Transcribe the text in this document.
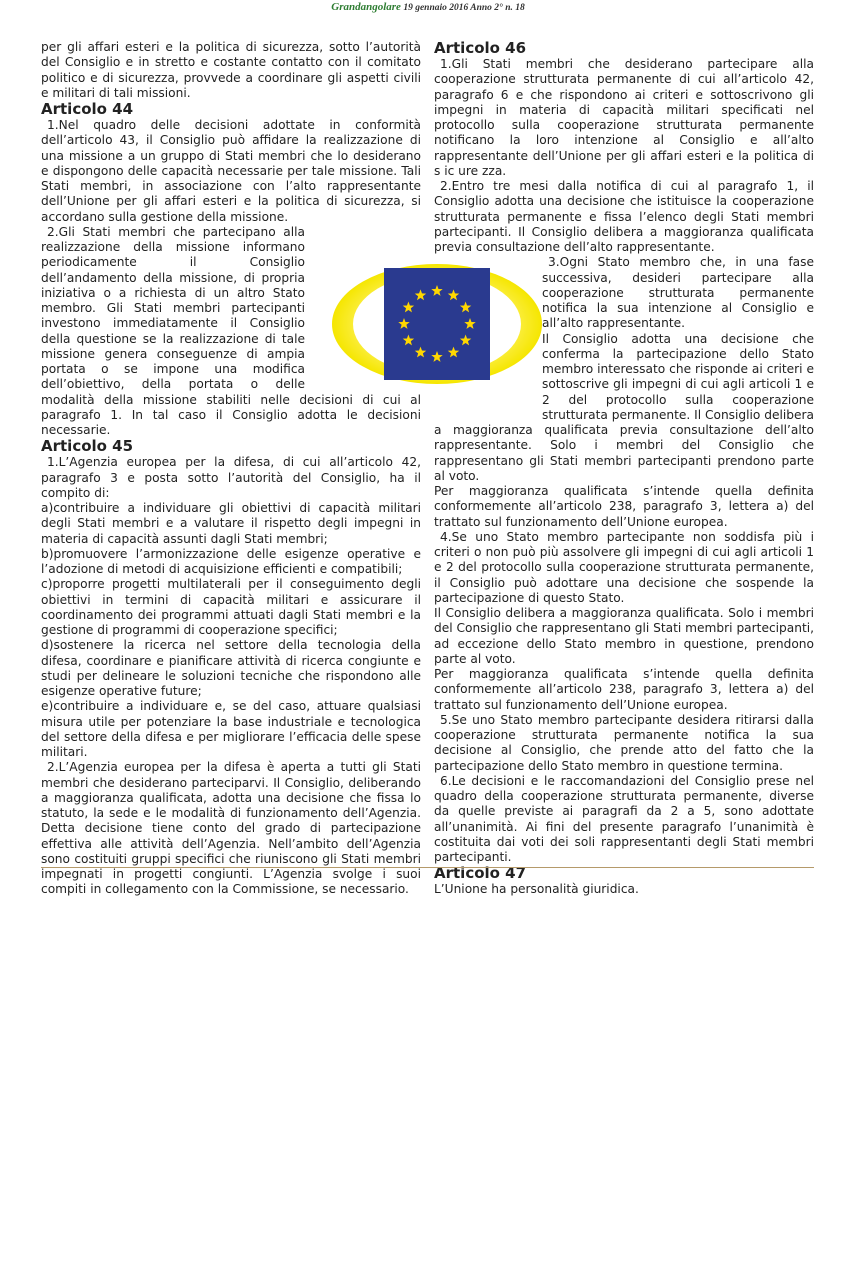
Grandangolare 19 gennaio 2016 Anno 2° n. 18

per gli affari esteri e la politica di sicurezza, sotto l’autorità del Consiglio e in stretto e costante contatto con il comitato politico e di sicurezza, provvede a coordinare gli aspetti civili e militari di tali missioni.

Articolo 44

1.Nel quadro delle decisioni adottate in conformità dell’articolo 43, il Consiglio può affidare la realizzazione di una missione a un gruppo di Stati membri che lo desiderano e dispongono delle capacità necessarie per tale missione. Tali Stati membri, in associazione con l’alto rappresentante dell’Unione per gli affari esteri e la politica di sicurezza, si accordano sulla gestione della missione.

2.Gli Stati membri che partecipano alla realizzazione della missione informano periodicamente il Consiglio dell’andamento della missione, di propria iniziativa o a richiesta di un altro Stato membro. Gli Stati membri partecipanti investono immediatamente il Consiglio della questione se la realizzazione di tale missione genera conseguenze di ampia portata o se impone una modifica dell’obiettivo, della portata o delle modalità della missione stabiliti nelle decisioni di cui al paragrafo 1. In tal caso il Consiglio adotta le decisioni necessarie.

Articolo 45

1.L’Agenzia europea per la difesa, di cui all’articolo 42, paragrafo 3 e posta sotto l’autorità del Consiglio, ha il compito di:

a)contribuire a individuare gli obiettivi di capacità militari degli Stati membri e a valutare il rispetto degli impegni in materia di capacità assunti dagli Stati membri;

b)promuovere l’armonizzazione delle esigenze operative e l’adozione di metodi di acquisizione efficienti e compatibili;

c)proporre progetti multilaterali per il conseguimento degli obiettivi in termini di capacità militari e assicurare il coordinamento dei programmi attuati dagli Stati membri e la gestione di programmi di cooperazione specifici;

d)sostenere la ricerca nel settore della tecnologia della difesa, coordinare e pianificare attività di ricerca congiunte e studi per delineare le soluzioni tecniche che rispondono alle esigenze operative future;

e)contribuire a individuare e, se del caso, attuare qualsiasi misura utile per potenziare la base industriale e tecnologica del settore della difesa e per migliorare l’efficacia delle spese militari.

2.L’Agenzia europea per la difesa è aperta a tutti gli Stati membri che desiderano parteciparvi. Il Consiglio, deliberando a maggioranza qualificata, adotta una decisione che fissa lo statuto, la sede e le modalità di funzionamento dell’Agenzia. Detta decisione tiene conto del grado di partecipazione effettiva alle attività dell’Agenzia. Nell’ambito dell’Agenzia sono costituiti gruppi specifici che riuniscono gli Stati membri impegnati in progetti congiunti. L’Agenzia svolge i suoi compiti in collegamento con la Commissione, se necessario.

Articolo 46

1.Gli Stati membri che desiderano partecipare alla cooperazione strutturata permanente di cui all’articolo 42, paragrafo 6 e che rispondono ai criteri e sottoscrivono gli impegni in materia di capacità militari specificati nel protocollo sulla cooperazione strutturata permanente notificano la loro intenzione al Consiglio e all’alto rappresentante dell’Unione per gli affari esteri e la politica di s ic ure zza.

2.Entro tre mesi dalla notifica di cui al paragrafo 1, il Consiglio adotta una decisione che istituisce la cooperazione strutturata permanente e fissa l’elenco degli Stati membri partecipanti. Il Consiglio delibera a maggioranza qualificata previa consultazione dell’alto rappresentante.

3.Ogni Stato membro che, in una fase successiva, desideri partecipare alla cooperazione strutturata permanente notifica la sua intenzione al Consiglio e all’alto rappresentante.

Il Consiglio adotta una decisione che conferma la partecipazione dello Stato membro interessato che risponde ai criteri e sottoscrive gli impegni di cui agli articoli 1 e 2 del protocollo sulla cooperazione strutturata permanente. Il Consiglio delibera a maggioranza qualificata previa consultazione dell’alto rappresentante. Solo i membri del Consiglio che rappresentano gli Stati membri partecipanti prendono parte al voto.

Per maggioranza qualificata s’intende quella definita conformemente all’articolo 238, paragrafo 3, lettera a) del trattato sul funzionamento dell’Unione europea.

4.Se uno Stato membro partecipante non soddisfa più i criteri o non può più assolvere gli impegni di cui agli articoli 1 e 2 del protocollo sulla cooperazione strutturata permanente, il Consiglio può adottare una decisione che sospende la partecipazione di questo Stato.

Il Consiglio delibera a maggioranza qualificata. Solo i membri del Consiglio che rappresentano gli Stati membri partecipanti, ad eccezione dello Stato membro in questione, prendono parte al voto.

Per maggioranza qualificata s’intende quella definita conformemente all’articolo 238, paragrafo 3, lettera a) del trattato sul funzionamento dell’Unione europea.

5.Se uno Stato membro partecipante desidera ritirarsi dalla cooperazione strutturata permanente notifica la sua decisione al Consiglio, che prende atto del fatto che la partecipazione dello Stato membro in questione termina.

6.Le decisioni e le raccomandazioni del Consiglio prese nel quadro della cooperazione strutturata permanente, diverse da quelle previste ai paragrafi da 2 a 5, sono adottate all’unanimità. Ai fini del presente paragrafo l’unanimità è costituita dai voti dei soli rappresentanti degli Stati membri partecipanti.

Articolo 47

L’Unione ha personalità giuridica.
